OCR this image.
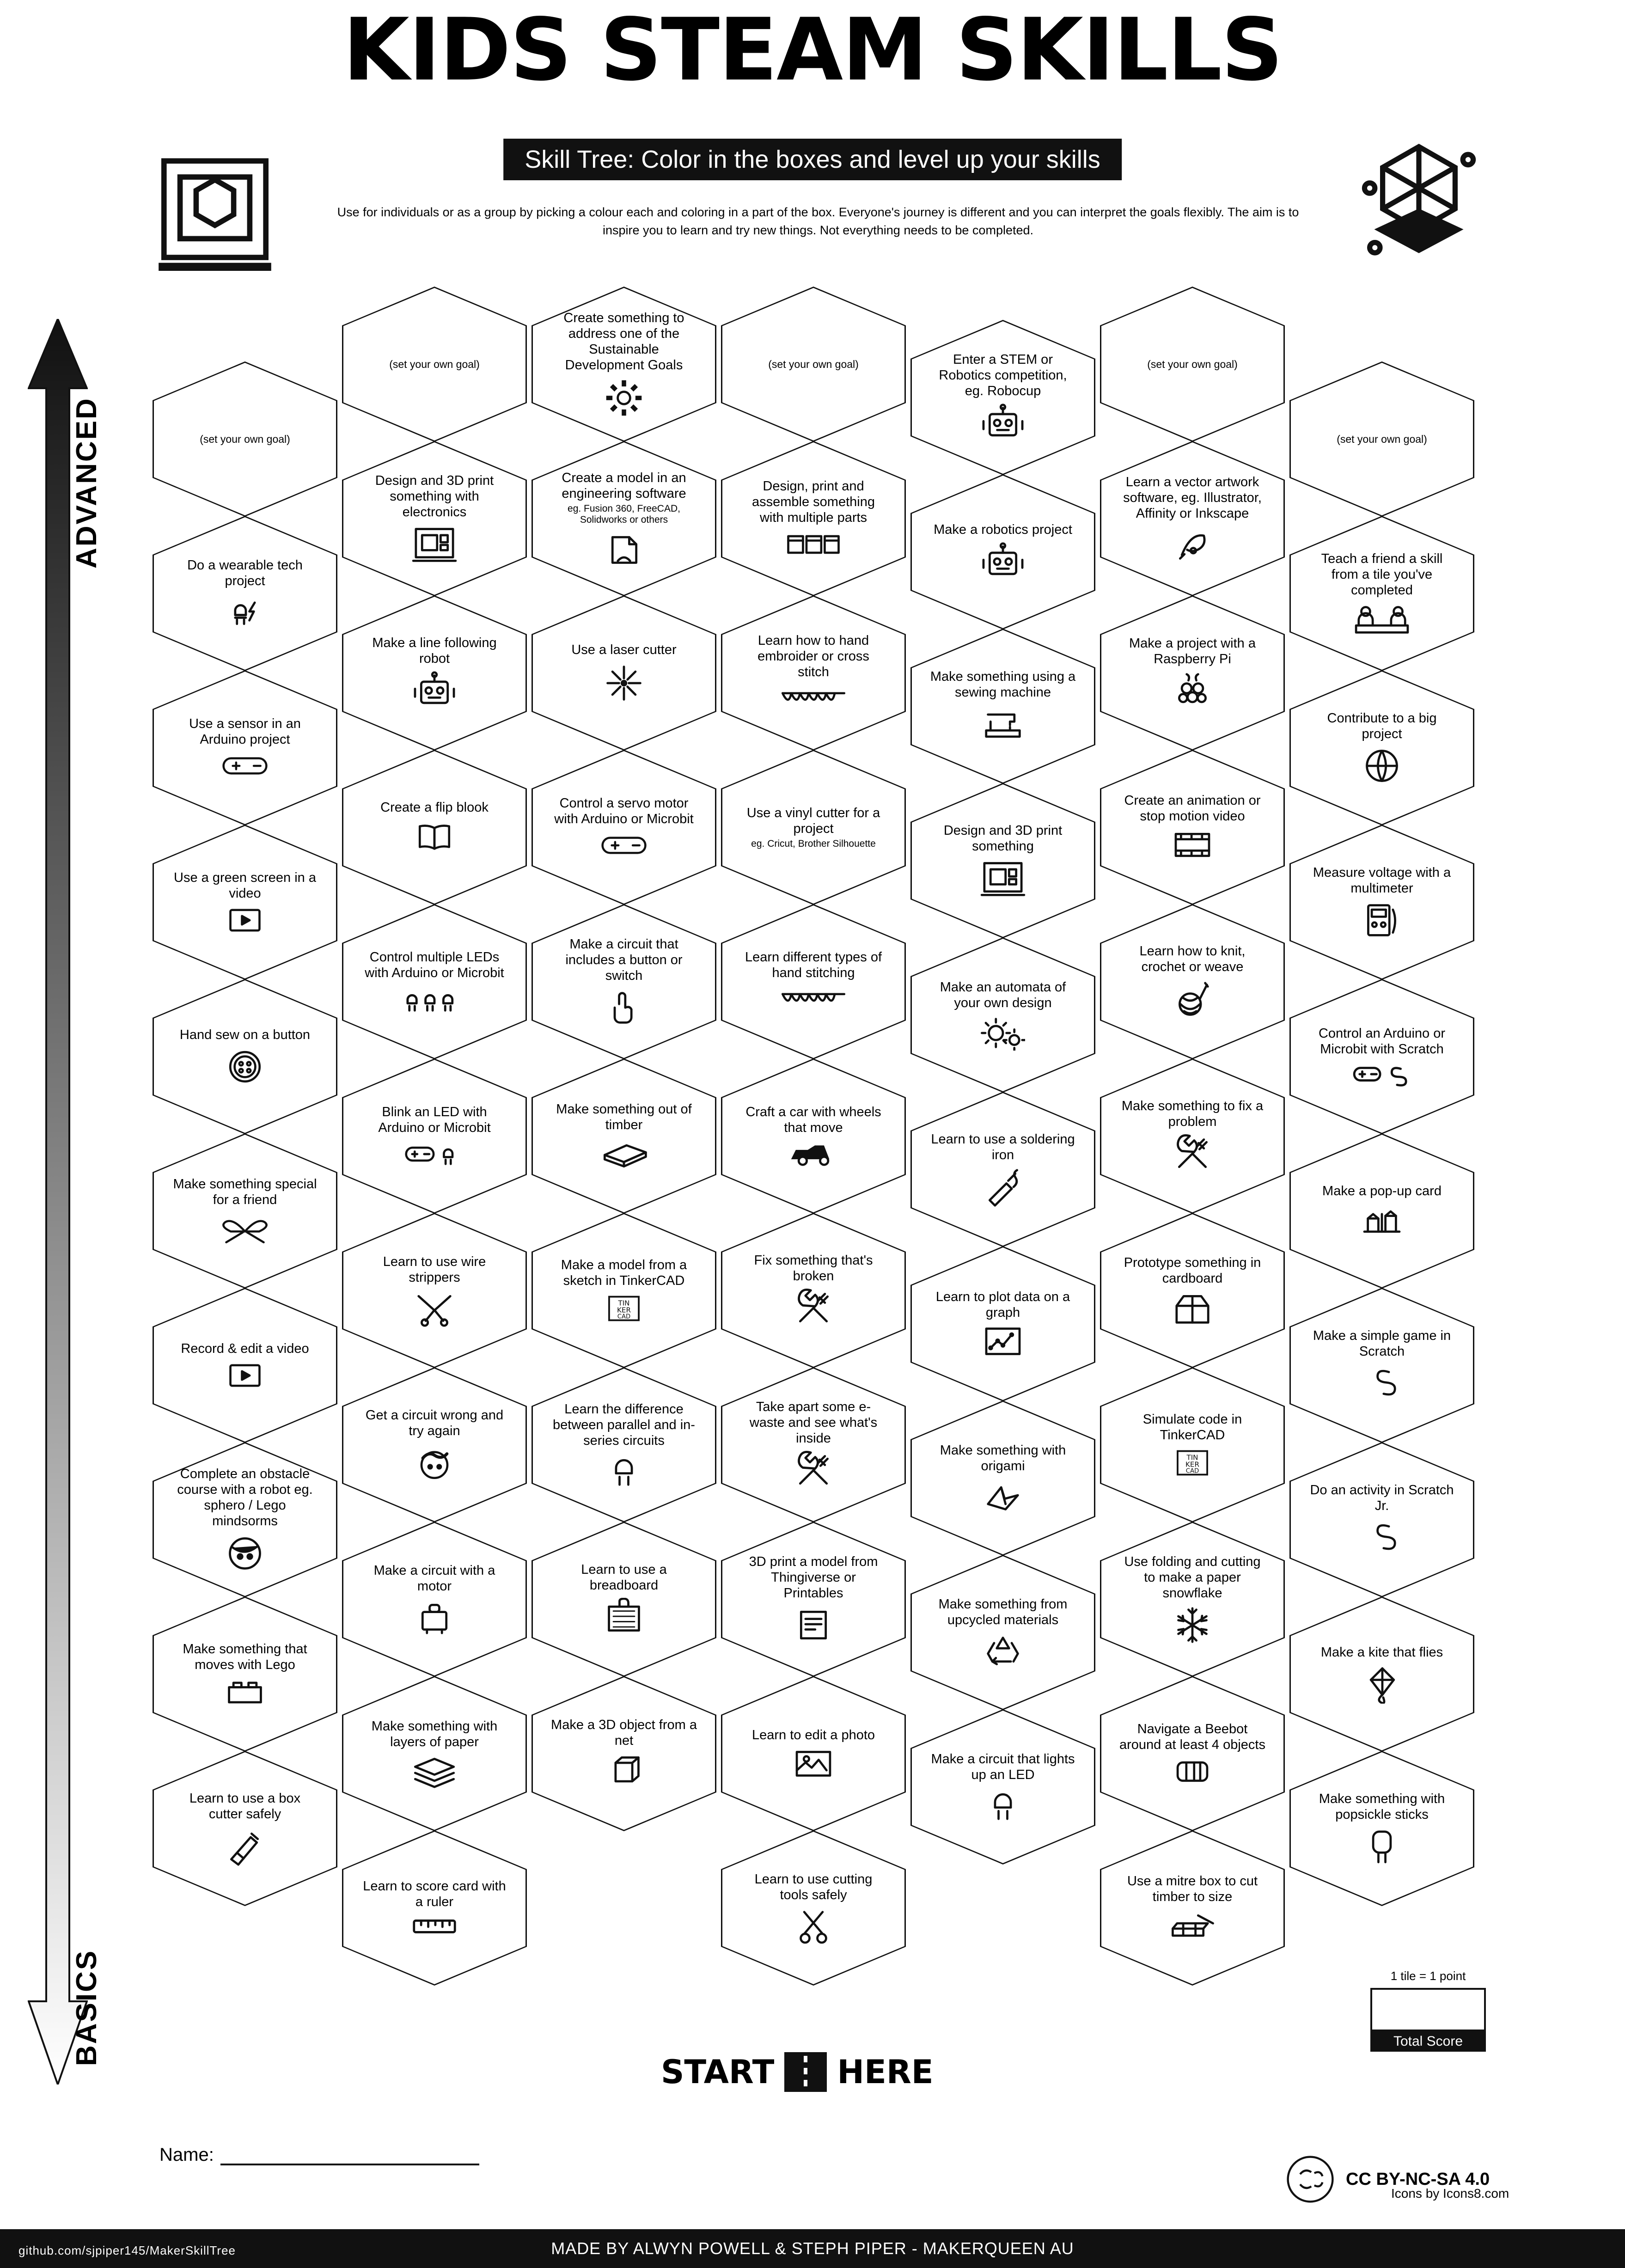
KIDS STEAM SKILLS
Skill Tree: Color in the boxes and level up your skills
Use for individuals or as a group by picking a colour each and coloring in a part of the box. Everyone's journey is different and you can interpret the goals flexibly. The aim is to inspire you to learn and try new things. Not everything needs to be completed.
ADVANCED
BASICS
(set your own goal)
Do a wearable tech project
Use a sensor in an Arduino project
Use a green screen in a video
Hand sew on a button
Make something special for a friend
Record & edit a video
Complete an obstacle course with a robot eg. sphero / Lego mindsorms
Make something that moves with Lego
Learn to use a box cutter safely
(set your own goal)
Design and 3D print something with electronics
Make a line following robot
Create a flip blook
Control multiple LEDs with Arduino or Microbit
Blink an LED with Arduino or Microbit
Learn to use wire strippers
Get a circuit wrong and try again
Make a circuit with a motor
Make something with layers of paper
Learn to score card with a ruler
Create something to address one of the Sustainable Development Goals
Create a model in an engineering software
eg. Fusion 360, FreeCAD, Solidworks or others
Use a laser cutter
Control a servo motor with Arduino or Microbit
Make a circuit that includes a button or switch
Make something out of timber
Make a model from a sketch in TinkerCAD
TIN
KER
CAD
Learn the difference between parallel and in-series circuits
Learn to use a breadboard
Make a 3D object from a net
(set your own goal)
Design, print and assemble something with multiple parts
Learn how to hand embroider or cross stitch
Use a vinyl cutter for a project
eg. Cricut, Brother Silhouette
Learn different types of hand stitching
Craft a car with wheels that move
Fix something that's broken
Take apart some e-waste and see what's inside
3D print a model from Thingiverse or Printables
Learn to edit a photo
Learn to use cutting tools safely
Enter a STEM or Robotics competition, eg. Robocup
Make a robotics project
Make something using a sewing machine
Design and 3D print something
Make an automata of your own design
Learn to use a soldering iron
Learn to plot data on a graph
Make something with origami
Make something from upcycled materials
Make a circuit that lights up an LED
(set your own goal)
Learn a vector artwork software, eg. Illustrator, Affinity or Inkscape
Make a project with a Raspberry Pi
Create an animation or stop motion video
Learn how to knit, crochet or weave
Make something to fix a problem
Prototype something in cardboard
Simulate code in TinkerCAD
TIN
KER
CAD
Use folding and cutting to make a paper snowflake
Navigate a Beebot around at least 4 objects
Use a mitre box to cut timber to size
(set your own goal)
Teach a friend a skill from a tile you've completed
Contribute to a big project
Measure voltage with a multimeter
Control an Arduino or Microbit with Scratch
Make a pop-up card
Make a simple game in Scratch
Do an activity in Scratch Jr.
Make a kite that flies
Make something with popsickle sticks
START HERE
1 tile = 1 point
Total Score
Name:
CC BY-NC-SA 4.0
Icons by Icons8.com
github.com/sjpiper145/MakerSkillTree	MADE BY ALWYN POWELL & STEPH PIPER - MAKERQUEEN AU
